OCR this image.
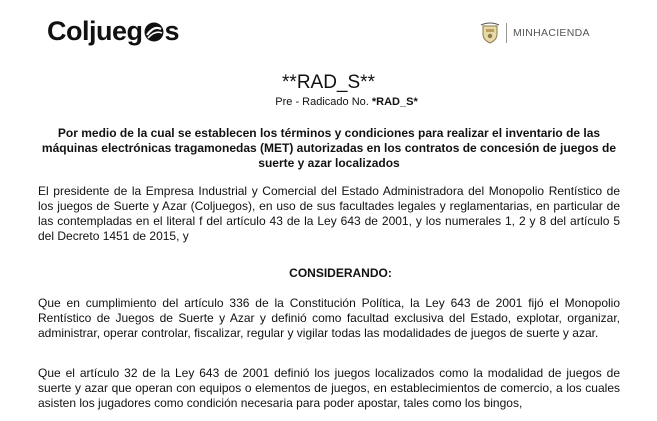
Coljueg s	MINHACIENDA
**RAD_S**
Pre - Radicado No. *RAD_S*
Por medio de la cual se establecen los términos y condiciones para realizar el inventario de las máquinas electrónicas tragamonedas (MET) autorizadas en los contratos de concesión de juegos de suerte y azar localizados
El presidente de la Empresa Industrial y Comercial del Estado Administradora del Monopolio Rentístico de los juegos de Suerte y Azar (Coljuegos), en uso de sus facultades legales y reglamentarias, en particular de las contempladas en el literal f del artículo 43 de la Ley 643 de 2001, y los numerales 1, 2 y 8 del artículo 5 del Decreto 1451 de 2015, y
CONSIDERANDO:
Que en cumplimiento del artículo 336 de la Constitución Política, la Ley 643 de 2001 fijó el Monopolio Rentístico de Juegos de Suerte y Azar y definió como facultad exclusiva del Estado, explotar, organizar, administrar, operar controlar, fiscalizar, regular y vigilar todas las modalidades de juegos de suerte y azar.
Que el artículo 32 de la Ley 643 de 2001 definió los juegos localizados como la modalidad de juegos de suerte y azar que operan con equipos o elementos de juegos, en establecimientos de comercio, a los cuales asisten los jugadores como condición necesaria para poder apostar, tales como los bingos,
